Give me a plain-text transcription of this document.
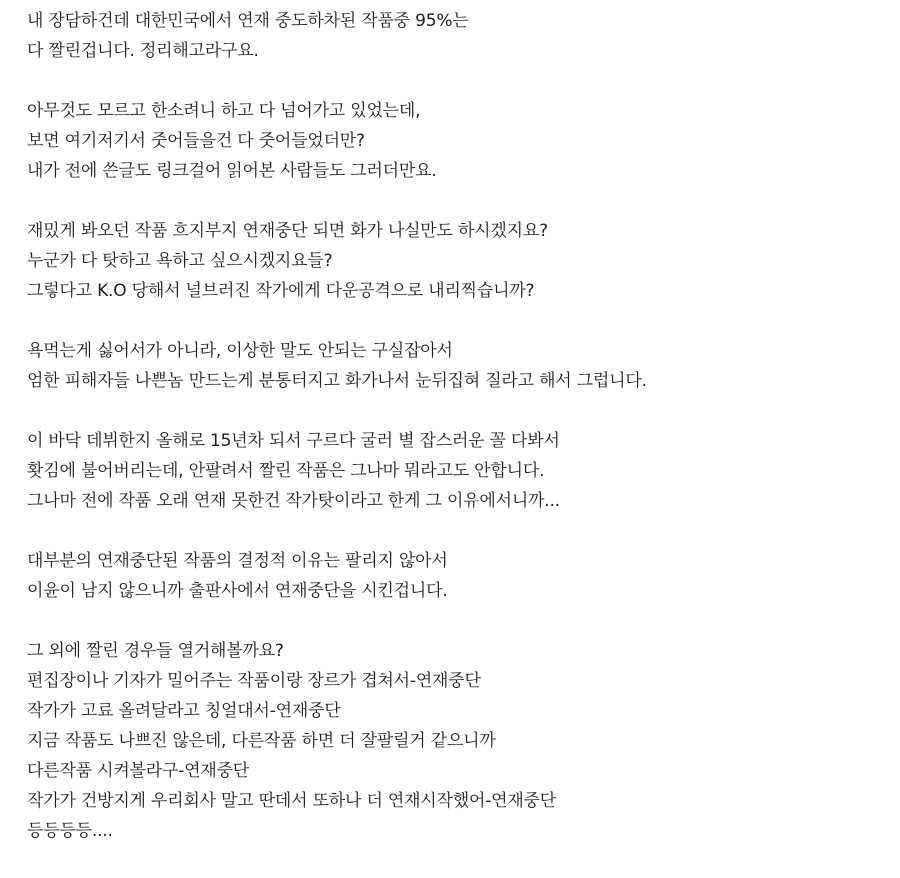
내 장담하건데 대한민국에서 연재 중도하차된 작품중 95%는
다 짤린겁니다. 정리해고라구요.
아무것도 모르고 한소려니 하고 다 넘어가고 있었는데,
보면 여기저기서 줏어들을건 다 줏어들었더만?
내가 전에 쓴글도 링크걸어 읽어본 사람들도 그러더만요.
재밌게 봐오던 작품 흐지부지 연재중단 되면 화가 나실만도 하시겠지요?
누군가 다 탓하고 욕하고 싶으시겠지요들?
그렇다고 K.O 당해서 널브러진 작가에게 다운공격으로 내리찍습니까?
욕먹는게 싫어서가 아니라, 이상한 말도 안되는 구실잡아서
엄한 피해자들 나쁜놈 만드는게 분통터지고 화가나서 눈뒤집혀 질라고 해서 그럽니다.
이 바닥 데뷔한지 올해로 15년차 되서 구르다 굴러 별 잡스러운 꼴 다봐서
홧김에 불어버리는데, 안팔려서 짤린 작품은 그나마 뭐라고도 안합니다.
그나마 전에 작품 오래 연재 못한건 작가탓이라고 한게 그 이유에서니까...
대부분의 연재중단된 작품의 결정적 이유는 팔리지 않아서
이윤이 남지 않으니까 출판사에서 연재중단을 시킨겁니다.
그 외에 짤린 경우들 열거해볼까요?
편집장이나 기자가 밀어주는 작품이랑 장르가 겹쳐서-연재중단
작가가 고료 올려달라고 칭얼대서-연재중단
지금 작품도 나쁘진 않은데, 다른작품 하면 더 잘팔릴거 같으니까
다른작품 시켜볼라구-연재중단
작가가 건방지게 우리회사 말고 딴데서 또하나 더 연재시작했어-연재중단
등등등등....
